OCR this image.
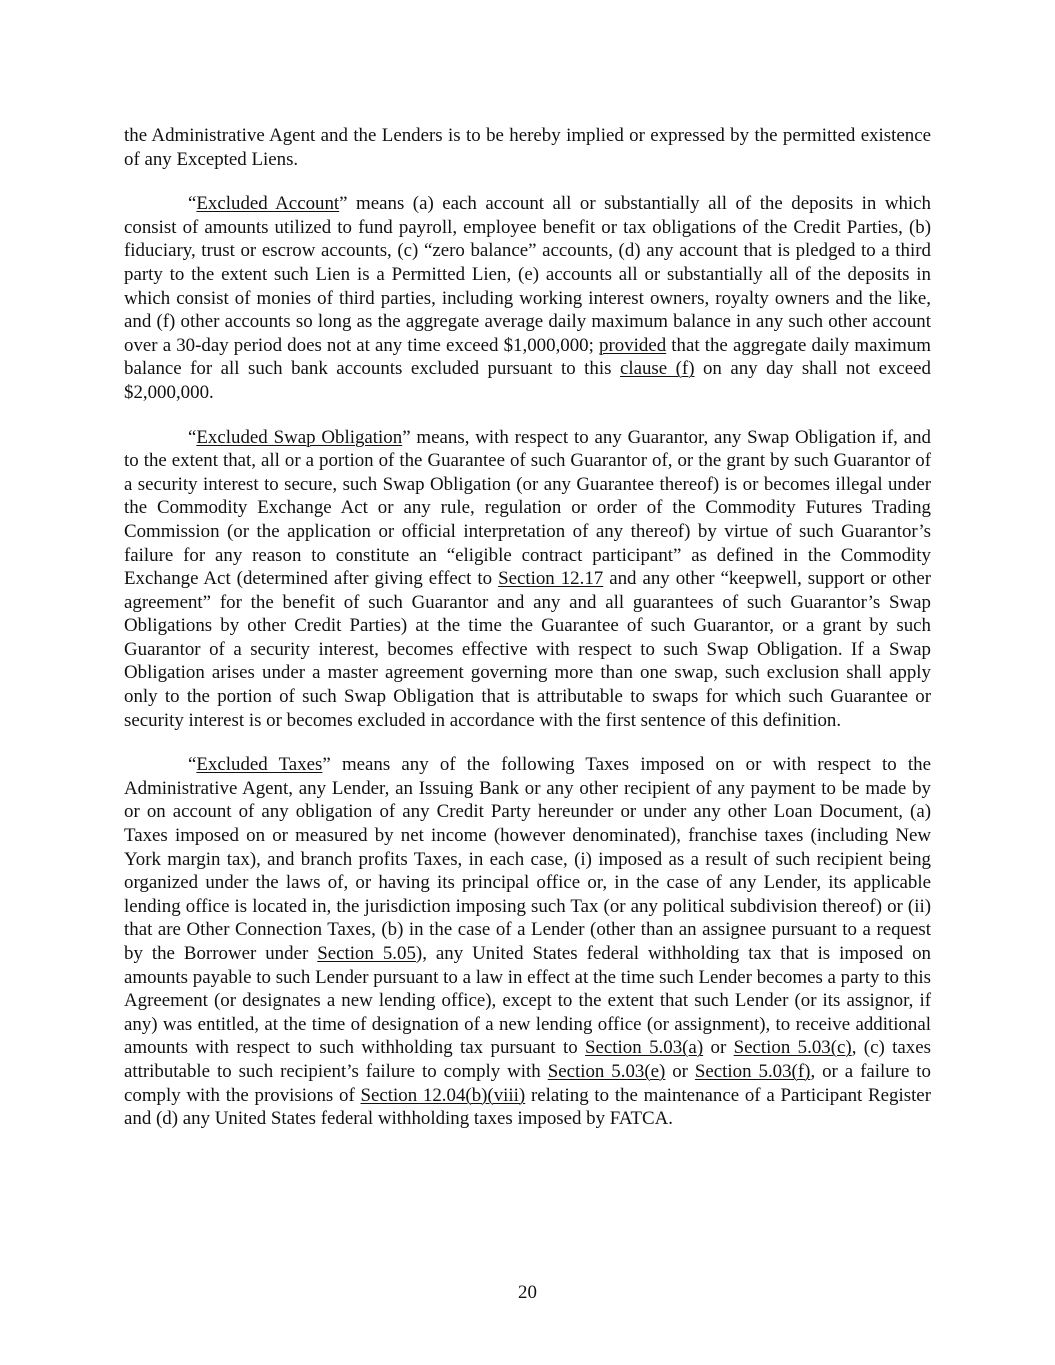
the Administrative Agent and the Lenders is to be hereby implied or expressed by the permitted existence of any Excepted Liens.

“Excluded Account” means (a) each account all or substantially all of the deposits in which consist of amounts utilized to fund payroll, employee benefit or tax obligations of the Credit Parties, (b) fiduciary, trust or escrow accounts, (c) “zero balance” accounts, (d) any account that is pledged to a third party to the extent such Lien is a Permitted Lien, (e) accounts all or substantially all of the deposits in which consist of monies of third parties, including working interest owners, royalty owners and the like, and (f) other accounts so long as the aggregate average daily maximum balance in any such other account over a 30-day period does not at any time exceed $1,000,000; provided that the aggregate daily maximum balance for all such bank accounts excluded pursuant to this clause (f) on any day shall not exceed $2,000,000.

“Excluded Swap Obligation” means, with respect to any Guarantor, any Swap Obligation if, and to the extent that, all or a portion of the Guarantee of such Guarantor of, or the grant by such Guarantor of a security interest to secure, such Swap Obligation (or any Guarantee thereof) is or becomes illegal under the Commodity Exchange Act or any rule, regulation or order of the Commodity Futures Trading Commission (or the application or official interpretation of any thereof) by virtue of such Guarantor’s failure for any reason to constitute an “eligible contract participant” as defined in the Commodity Exchange Act (determined after giving effect to Section 12.17 and any other “keepwell, support or other agreement” for the benefit of such Guarantor and any and all guarantees of such Guarantor’s Swap Obligations by other Credit Parties) at the time the Guarantee of such Guarantor, or a grant by such Guarantor of a security interest, becomes effective with respect to such Swap Obligation. If a Swap Obligation arises under a master agreement governing more than one swap, such exclusion shall apply only to the portion of such Swap Obligation that is attributable to swaps for which such Guarantee or security interest is or becomes excluded in accordance with the first sentence of this definition.

“Excluded Taxes” means any of the following Taxes imposed on or with respect to the Administrative Agent, any Lender, an Issuing Bank or any other recipient of any payment to be made by or on account of any obligation of any Credit Party hereunder or under any other Loan Document, (a) Taxes imposed on or measured by net income (however denominated), franchise taxes (including New York margin tax), and branch profits Taxes, in each case, (i) imposed as a result of such recipient being organized under the laws of, or having its principal office or, in the case of any Lender, its applicable lending office is located in, the jurisdiction imposing such Tax (or any political subdivision thereof) or (ii) that are Other Connection Taxes, (b) in the case of a Lender (other than an assignee pursuant to a request by the Borrower under Section 5.05), any United States federal withholding tax that is imposed on amounts payable to such Lender pursuant to a law in effect at the time such Lender becomes a party to this Agreement (or designates a new lending office), except to the extent that such Lender (or its assignor, if any) was entitled, at the time of designation of a new lending office (or assignment), to receive additional amounts with respect to such withholding tax pursuant to Section 5.03(a) or Section 5.03(c), (c) taxes attributable to such recipient’s failure to comply with Section 5.03(e) or Section 5.03(f), or a failure to comply with the provisions of Section 12.04(b)(viii) relating to the maintenance of a Participant Register and (d) any United States federal withholding taxes imposed by FATCA.

20
